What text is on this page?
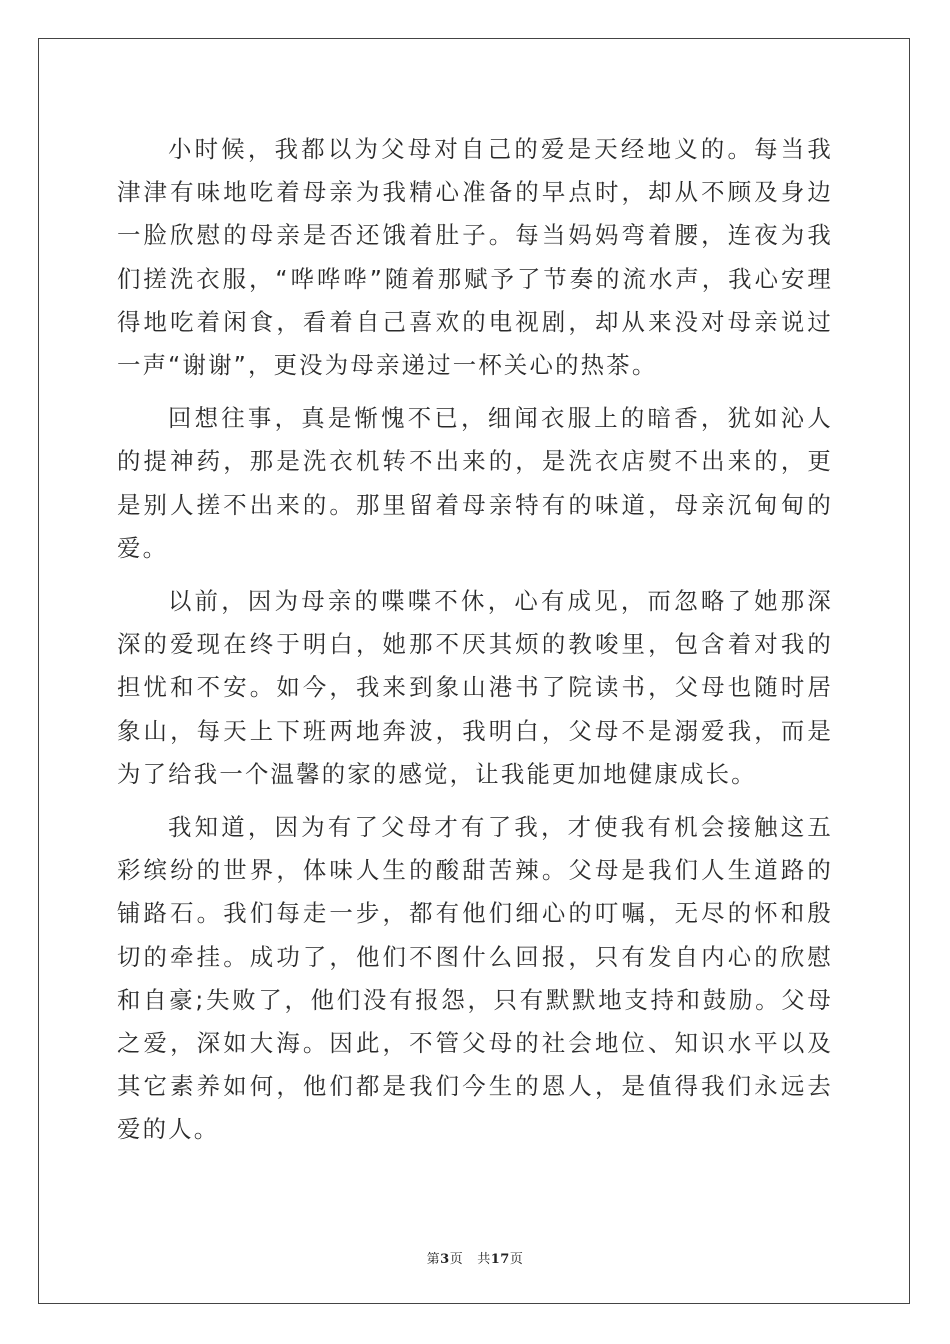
小时候，我都以为父母对自己的爱是天经地义的。每当我津津有味地吃着母亲为我精心准备的早点时，却从不顾及身边一脸欣慰的母亲是否还饿着肚子。每当妈妈弯着腰，连夜为我们搓洗衣服，“哗哗哗”随着那赋予了节奏的流水声，我心安理得地吃着闲食，看着自己喜欢的电视剧，却从来没对母亲说过一声“谢谢”，更没为母亲递过一杯关心的热茶。

回想往事，真是惭愧不已，细闻衣服上的暗香，犹如沁人的提神药，那是洗衣机转不出来的，是洗衣店熨不出来的，更是别人搓不出来的。那里留着母亲特有的味道，母亲沉甸甸的爱。

以前，因为母亲的喋喋不休，心有成见，而忽略了她那深深的爱现在终于明白，她那不厌其烦的教唆里，包含着对我的担忧和不安。如今，我来到象山港书了院读书，父母也随时居象山，每天上下班两地奔波，我明白，父母不是溺爱我，而是为了给我一个温馨的家的感觉，让我能更加地健康成长。

我知道，因为有了父母才有了我，才使我有机会接触这五彩缤纷的世界，体味人生的酸甜苦辣。父母是我们人生道路的铺路石。我们每走一步，都有他们细心的叮嘱，无尽的怀和殷切的牵挂。成功了，他们不图什么回报，只有发自内心的欣慰和自豪;失败了，他们没有报怨，只有默默地支持和鼓励。父母之爱，深如大海。因此，不管父母的社会地位、知识水平以及其它素养如何，他们都是我们今生的恩人，是值得我们永远去爱的人。

第3页 共17页
